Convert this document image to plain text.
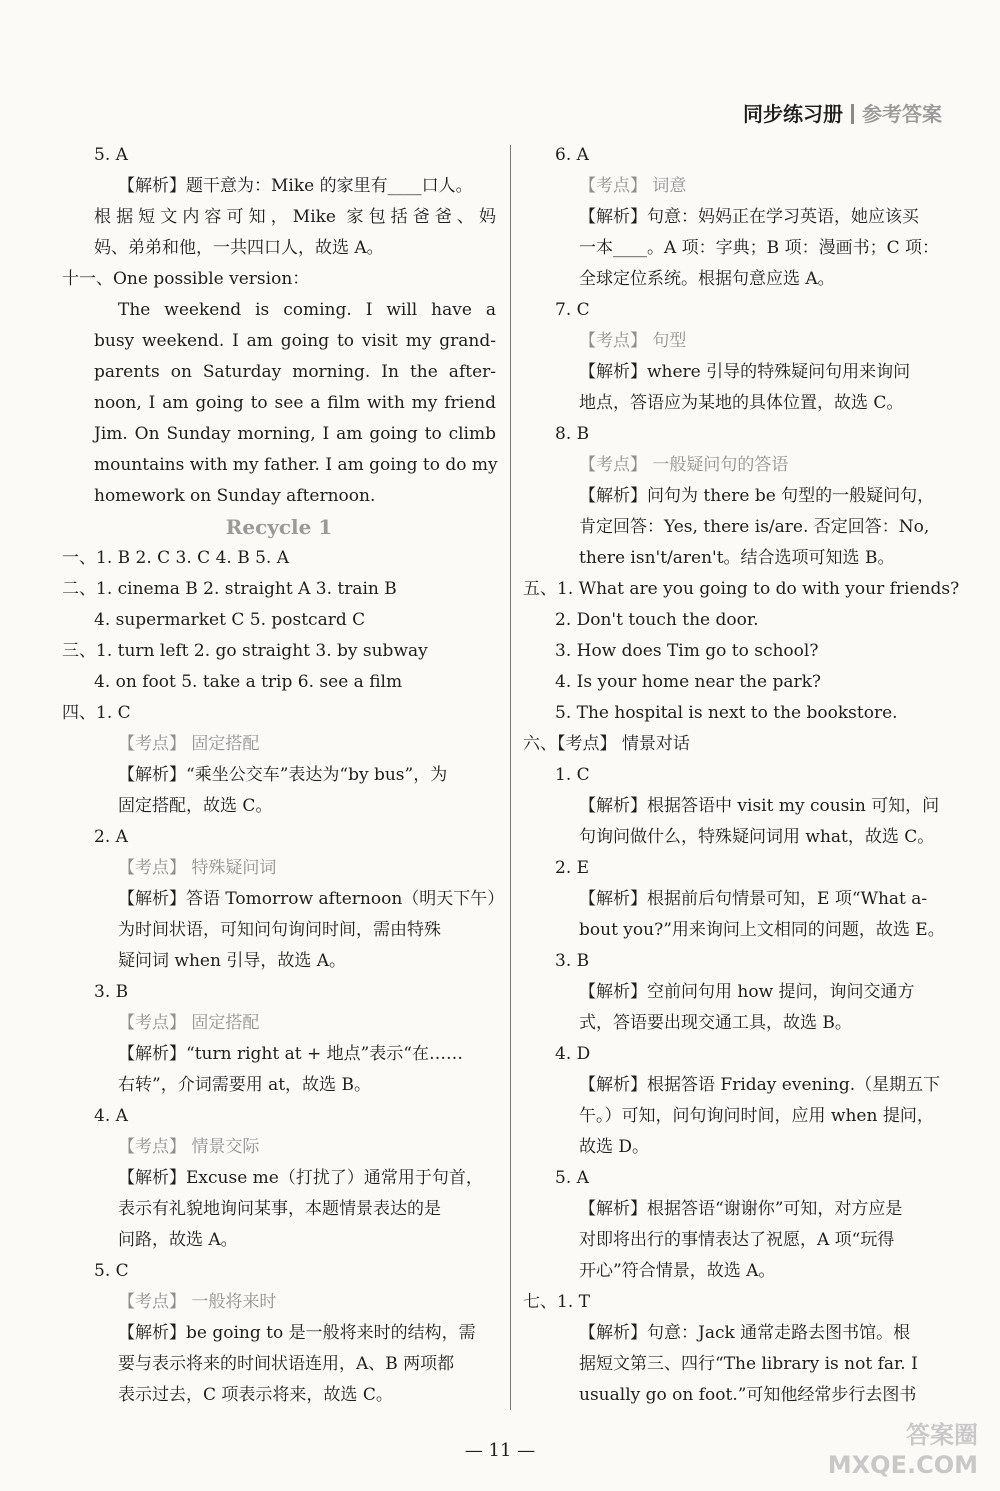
同步练习册 参考答案
5. A
【解析】题干意为：Mike 的家里有____口人。
根据短文内容可知，Mike 家包括爸爸、妈
妈、弟弟和他，一共四口人，故选 A。
十一、One possible version：
The weekend is coming. I will have a
busy weekend. I am going to visit my grand-
parents on Saturday morning. In the after-
noon, I am going to see a film with my friend
Jim. On Sunday morning, I am going to climb
mountains with my father. I am going to do my
homework on Sunday afternoon.
Recycle 1
一、1. B 2. C 3. C 4. B 5. A
二、1. cinema B 2. straight A 3. train B
4. supermarket C 5. postcard C
三、1. turn left 2. go straight 3. by subway
4. on foot 5. take a trip 6. see a film
四、1. C
【考点】 固定搭配
【解析】“乘坐公交车”表达为“by bus”，为
固定搭配，故选 C。
2. A
【考点】 特殊疑问词
【解析】答语 Tomorrow afternoon（明天下午）
为时间状语，可知问句询问时间，需由特殊
疑问词 when 引导，故选 A。
3. B
【考点】 固定搭配
【解析】“turn right at + 地点”表示“在……
右转”，介词需要用 at，故选 B。
4. A
【考点】 情景交际
【解析】Excuse me（打扰了）通常用于句首，
表示有礼貌地询问某事，本题情景表达的是
问路，故选 A。
5. C
【考点】 一般将来时
【解析】be going to 是一般将来时的结构，需
要与表示将来的时间状语连用，A、B 两项都
表示过去，C 项表示将来，故选 C。
6. A
【考点】 词意
【解析】句意：妈妈正在学习英语，她应该买
一本____。A 项：字典；B 项：漫画书；C 项：
全球定位系统。根据句意应选 A。
7. C
【考点】 句型
【解析】where 引导的特殊疑问句用来询问
地点，答语应为某地的具体位置，故选 C。
8. B
【考点】 一般疑问句的答语
【解析】问句为 there be 句型的一般疑问句，
肯定回答：Yes, there is/are. 否定回答：No,
there isn't/aren't。结合选项可知选 B。
五、1. What are you going to do with your friends?
2. Don't touch the door.
3. How does Tim go to school?
4. Is your home near the park?
5. The hospital is next to the bookstore.
六、【考点】 情景对话
1. C
【解析】根据答语中 visit my cousin 可知，问
句询问做什么，特殊疑问词用 what，故选 C。
2. E
【解析】根据前后句情景可知，E 项“What a-
bout you?”用来询问上文相同的问题，故选 E。
3. B
【解析】空前问句用 how 提问，询问交通方
式，答语要出现交通工具，故选 B。
4. D
【解析】根据答语 Friday evening.（星期五下
午。）可知，问句询问时间，应用 when 提问，
故选 D。
5. A
【解析】根据答语“谢谢你”可知，对方应是
对即将出行的事情表达了祝愿，A 项“玩得
开心”符合情景，故选 A。
七、1. T
【解析】句意：Jack 通常走路去图书馆。根
据短文第三、四行“The library is not far. I
usually go on foot.”可知他经常步行去图书
— 11 —
答案圈
MXQE.COM
